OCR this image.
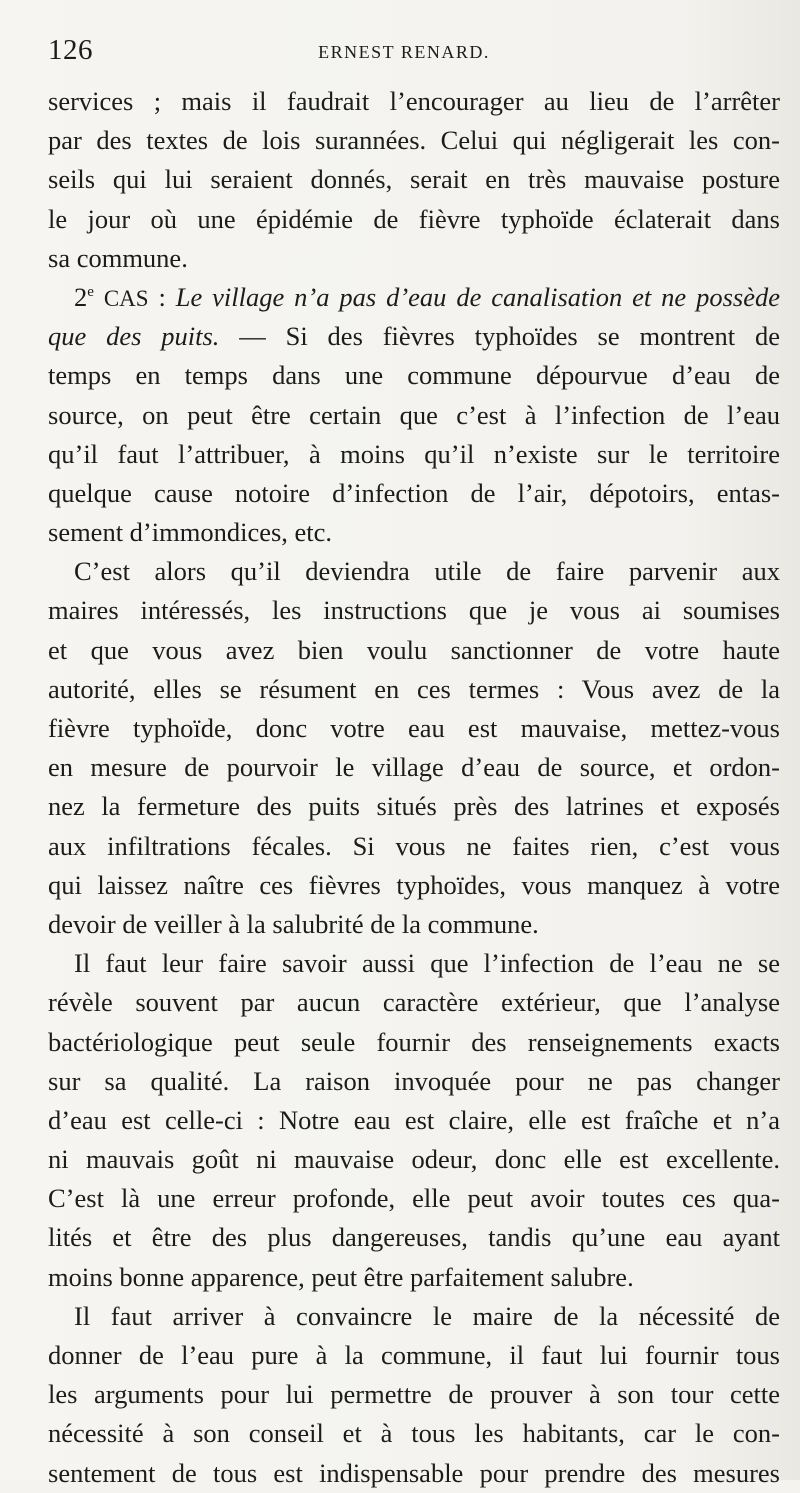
126	ERNEST RENARD.
services ; mais il faudrait l’encourager au lieu de l’arrêter
par des textes de lois surannées. Celui qui négligerait les con-
seils qui lui seraient donnés, serait en très mauvaise posture
le jour où une épidémie de fièvre typhoïde éclaterait dans
sa commune.
2e CAS : Le village n’a pas d’eau de canalisation et ne possède
que des puits. — Si des fièvres typhoïdes se montrent de
temps en temps dans une commune dépourvue d’eau de
source, on peut être certain que c’est à l’infection de l’eau
qu’il faut l’attribuer, à moins qu’il n’existe sur le territoire
quelque cause notoire d’infection de l’air, dépotoirs, entas-
sement d’immondices, etc.
C’est alors qu’il deviendra utile de faire parvenir aux
maires intéressés, les instructions que je vous ai soumises
et que vous avez bien voulu sanctionner de votre haute
autorité, elles se résument en ces termes : Vous avez de la
fièvre typhoïde, donc votre eau est mauvaise, mettez-vous
en mesure de pourvoir le village d’eau de source, et ordon-
nez la fermeture des puits situés près des latrines et exposés
aux infiltrations fécales. Si vous ne faites rien, c’est vous
qui laissez naître ces fièvres typhoïdes, vous manquez à votre
devoir de veiller à la salubrité de la commune.
Il faut leur faire savoir aussi que l’infection de l’eau ne se
révèle souvent par aucun caractère extérieur, que l’analyse
bactériologique peut seule fournir des renseignements exacts
sur sa qualité. La raison invoquée pour ne pas changer
d’eau est celle-ci : Notre eau est claire, elle est fraîche et n’a
ni mauvais goût ni mauvaise odeur, donc elle est excellente.
C’est là une erreur profonde, elle peut avoir toutes ces qua-
lités et être des plus dangereuses, tandis qu’une eau ayant
moins bonne apparence, peut être parfaitement salubre.
Il faut arriver à convaincre le maire de la nécessité de
donner de l’eau pure à la commune, il faut lui fournir tous
les arguments pour lui permettre de prouver à son tour cette
nécessité à son conseil et à tous les habitants, car le con-
sentement de tous est indispensable pour prendre des mesures
